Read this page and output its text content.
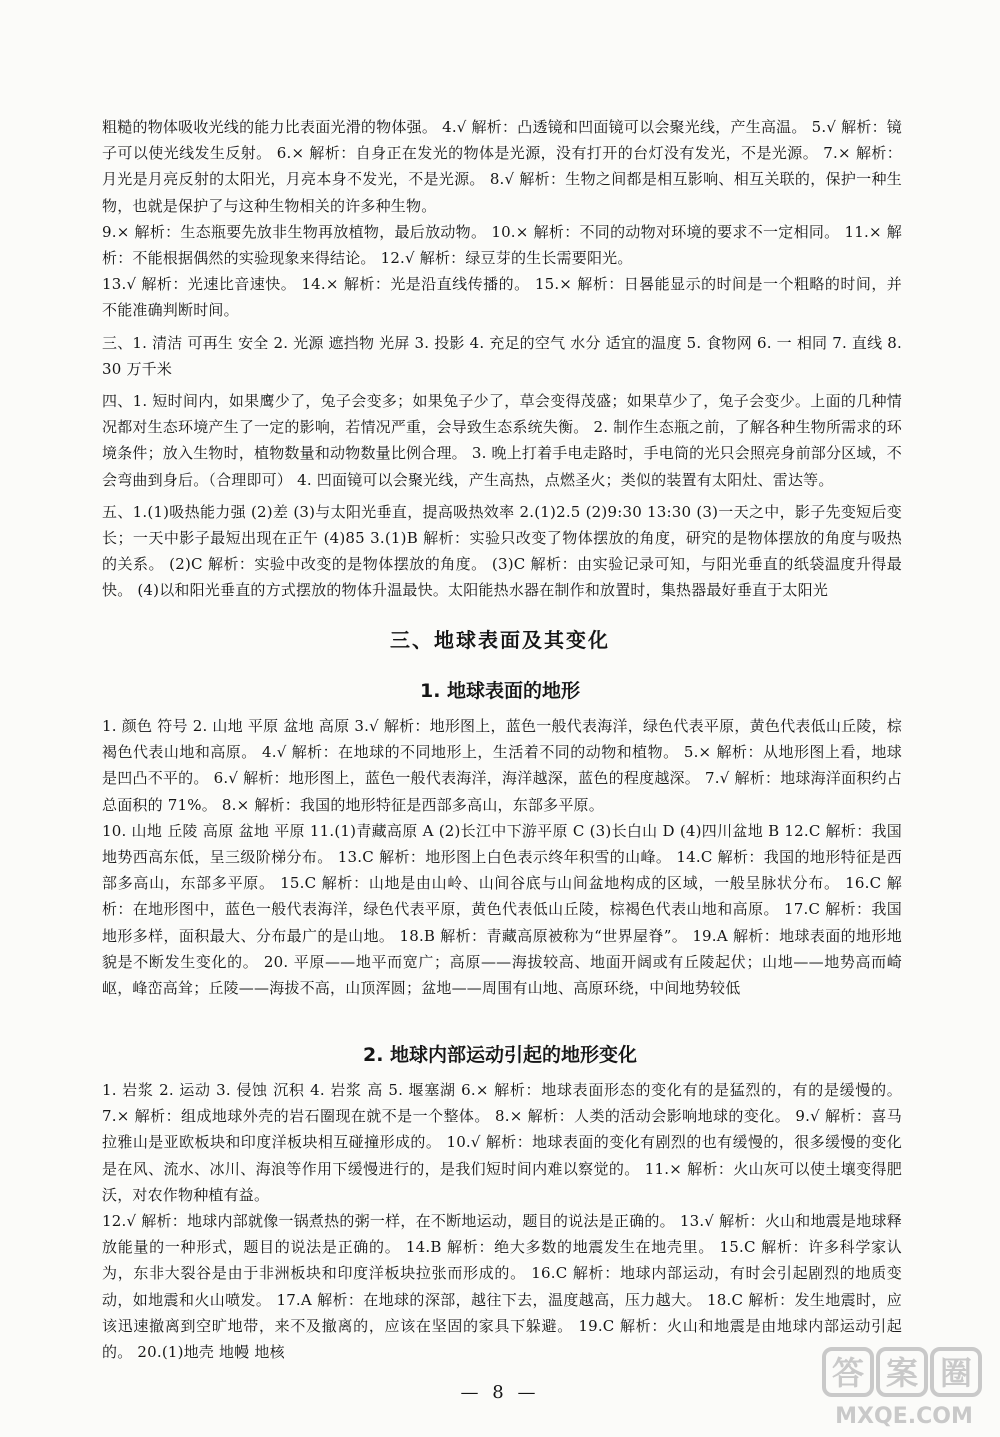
粗糙的物体吸收光线的能力比表面光滑的物体强。 4.√ 解析：凸透镜和凹面镜可以会聚光线，产生高温。 5.√ 解析：镜子可以使光线发生反射。 6.× 解析：自身正在发光的物体是光源，没有打开的台灯没有发光，不是光源。 7.× 解析：月光是月亮反射的太阳光，月亮本身不发光，不是光源。 8.√ 解析：生物之间都是相互影响、相互关联的，保护一种生物，也就是保护了与这种生物相关的许多种生物。

9.× 解析：生态瓶要先放非生物再放植物，最后放动物。 10.× 解析：不同的动物对环境的要求不一定相同。 11.× 解析：不能根据偶然的实验现象来得结论。 12.√ 解析：绿豆芽的生长需要阳光。

13.√ 解析：光速比音速快。 14.× 解析：光是沿直线传播的。 15.× 解析：日晷能显示的时间是一个粗略的时间，并不能准确判断时间。

三、1. 清洁 可再生 安全 2. 光源 遮挡物 光屏 3. 投影 4. 充足的空气 水分 适宜的温度 5. 食物网 6. 一 相同 7. 直线 8. 30 万千米

四、1. 短时间内，如果鹰少了，兔子会变多；如果兔子少了，草会变得茂盛；如果草少了，兔子会变少。上面的几种情况都对生态环境产生了一定的影响，若情况严重，会导致生态系统失衡。 2. 制作生态瓶之前，了解各种生物所需求的环境条件；放入生物时，植物数量和动物数量比例合理。 3. 晚上打着手电走路时，手电筒的光只会照亮身前部分区域，不会弯曲到身后。（合理即可） 4. 凹面镜可以会聚光线，产生高热，点燃圣火；类似的装置有太阳灶、雷达等。

五、1.(1)吸热能力强 (2)差 (3)与太阳光垂直，提高吸热效率 2.(1)2.5 (2)9:30 13:30 (3)一天之中，影子先变短后变长；一天中影子最短出现在正午 (4)85 3.(1)B 解析：实验只改变了物体摆放的角度，研究的是物体摆放的角度与吸热的关系。 (2)C 解析：实验中改变的是物体摆放的角度。 (3)C 解析：由实验记录可知，与阳光垂直的纸袋温度升得最快。 (4)以和阳光垂直的方式摆放的物体升温最快。太阳能热水器在制作和放置时，集热器最好垂直于太阳光

三、地球表面及其变化
1. 地球表面的地形

1. 颜色 符号 2. 山地 平原 盆地 高原 3.√ 解析：地形图上，蓝色一般代表海洋，绿色代表平原，黄色代表低山丘陵，棕褐色代表山地和高原。 4.√ 解析：在地球的不同地形上，生活着不同的动物和植物。 5.× 解析：从地形图上看，地球是凹凸不平的。 6.√ 解析：地形图上，蓝色一般代表海洋，海洋越深，蓝色的程度越深。 7.√ 解析：地球海洋面积约占总面积的 71%。 8.× 解析：我国的地形特征是西部多高山，东部多平原。

10. 山地 丘陵 高原 盆地 平原 11.(1)青藏高原 A (2)长江中下游平原 C (3)长白山 D (4)四川盆地 B 12.C 解析：我国地势西高东低，呈三级阶梯分布。 13.C 解析：地形图上白色表示终年积雪的山峰。 14.C 解析：我国的地形特征是西部多高山，东部多平原。 15.C 解析：山地是由山岭、山间谷底与山间盆地构成的区域，一般呈脉状分布。 16.C 解析：在地形图中，蓝色一般代表海洋，绿色代表平原，黄色代表低山丘陵，棕褐色代表山地和高原。 17.C 解析：我国地形多样，面积最大、分布最广的是山地。 18.B 解析：青藏高原被称为“世界屋脊”。 19.A 解析：地球表面的地形地貌是不断发生变化的。 20. 平原——地平而宽广；高原——海拔较高、地面开阔或有丘陵起伏；山地——地势高而崎岖，峰峦高耸；丘陵——海拔不高，山顶浑圆；盆地——周围有山地、高原环绕，中间地势较低

2. 地球内部运动引起的地形变化

1. 岩浆 2. 运动 3. 侵蚀 沉积 4. 岩浆 高 5. 堰塞湖 6.× 解析：地球表面形态的变化有的是猛烈的，有的是缓慢的。 7.× 解析：组成地球外壳的岩石圈现在就不是一个整体。 8.× 解析：人类的活动会影响地球的变化。 9.√ 解析：喜马拉雅山是亚欧板块和印度洋板块相互碰撞形成的。 10.√ 解析：地球表面的变化有剧烈的也有缓慢的，很多缓慢的变化是在风、流水、冰川、海浪等作用下缓慢进行的，是我们短时间内难以察觉的。 11.× 解析：火山灰可以使土壤变得肥沃，对农作物种植有益。

12.√ 解析：地球内部就像一锅煮热的粥一样，在不断地运动，题目的说法是正确的。 13.√ 解析：火山和地震是地球释放能量的一种形式，题目的说法是正确的。 14.B 解析：绝大多数的地震发生在地壳里。 15.C 解析：许多科学家认为，东非大裂谷是由于非洲板块和印度洋板块拉张而形成的。 16.C 解析：地球内部运动，有时会引起剧烈的地质变动，如地震和火山喷发。 17.A 解析：在地球的深部，越往下去，温度越高，压力越大。 18.C 解析：发生地震时，应该迅速撤离到空旷地带，来不及撤离的，应该在坚固的家具下躲避。 19.C 解析：火山和地震是由地球内部运动引起的。 20.(1)地壳 地幔 地核

— 8 —
答 案 圈
MXQE.COM
